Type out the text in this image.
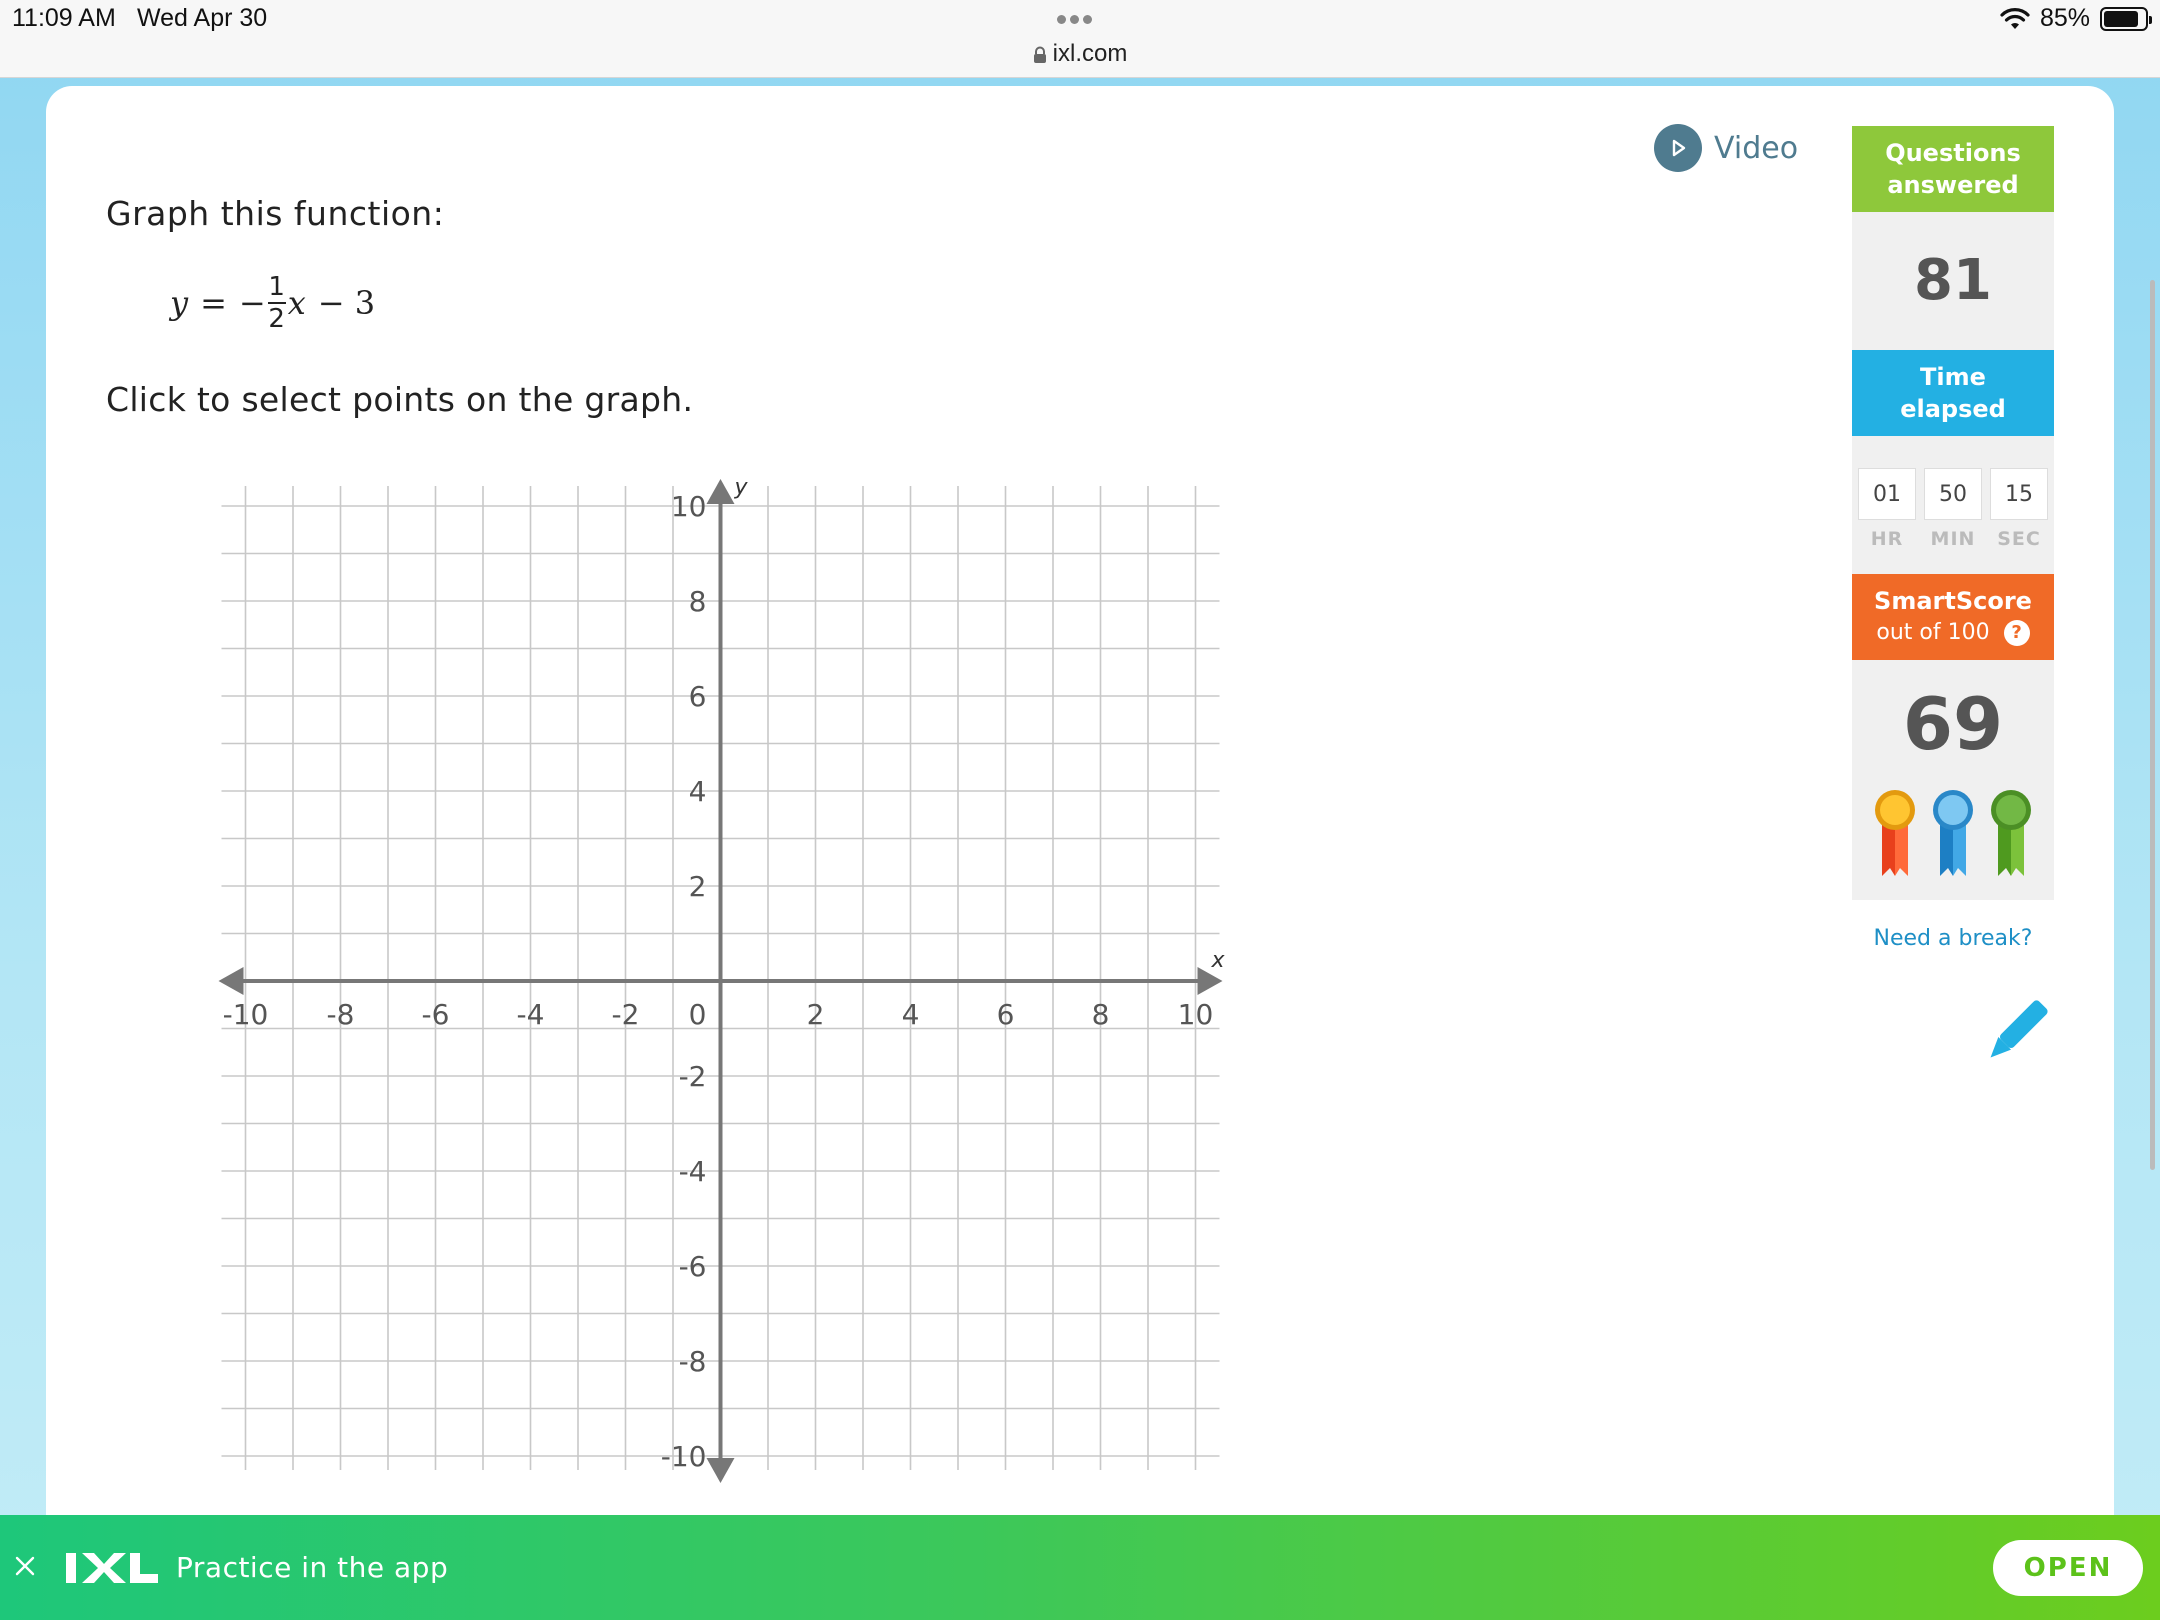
11:09 AM Wed Apr 30	85%
ixl.com
Graph this function:
y = − $\frac{1}{2}$ x − 3
Click to select points on the graph.
x
y
-10 -8 -6 -4 -2 0	2	4	6	8 10
10
8
6
4
2
-2
-4
-6
-8
-10
Video	Questions
answered
81
Time
elapsed
01
HR
50
MIN
15
SEC
SmartScore
out of 100	?
69
Need a break?
Practice in the app	OPEN
